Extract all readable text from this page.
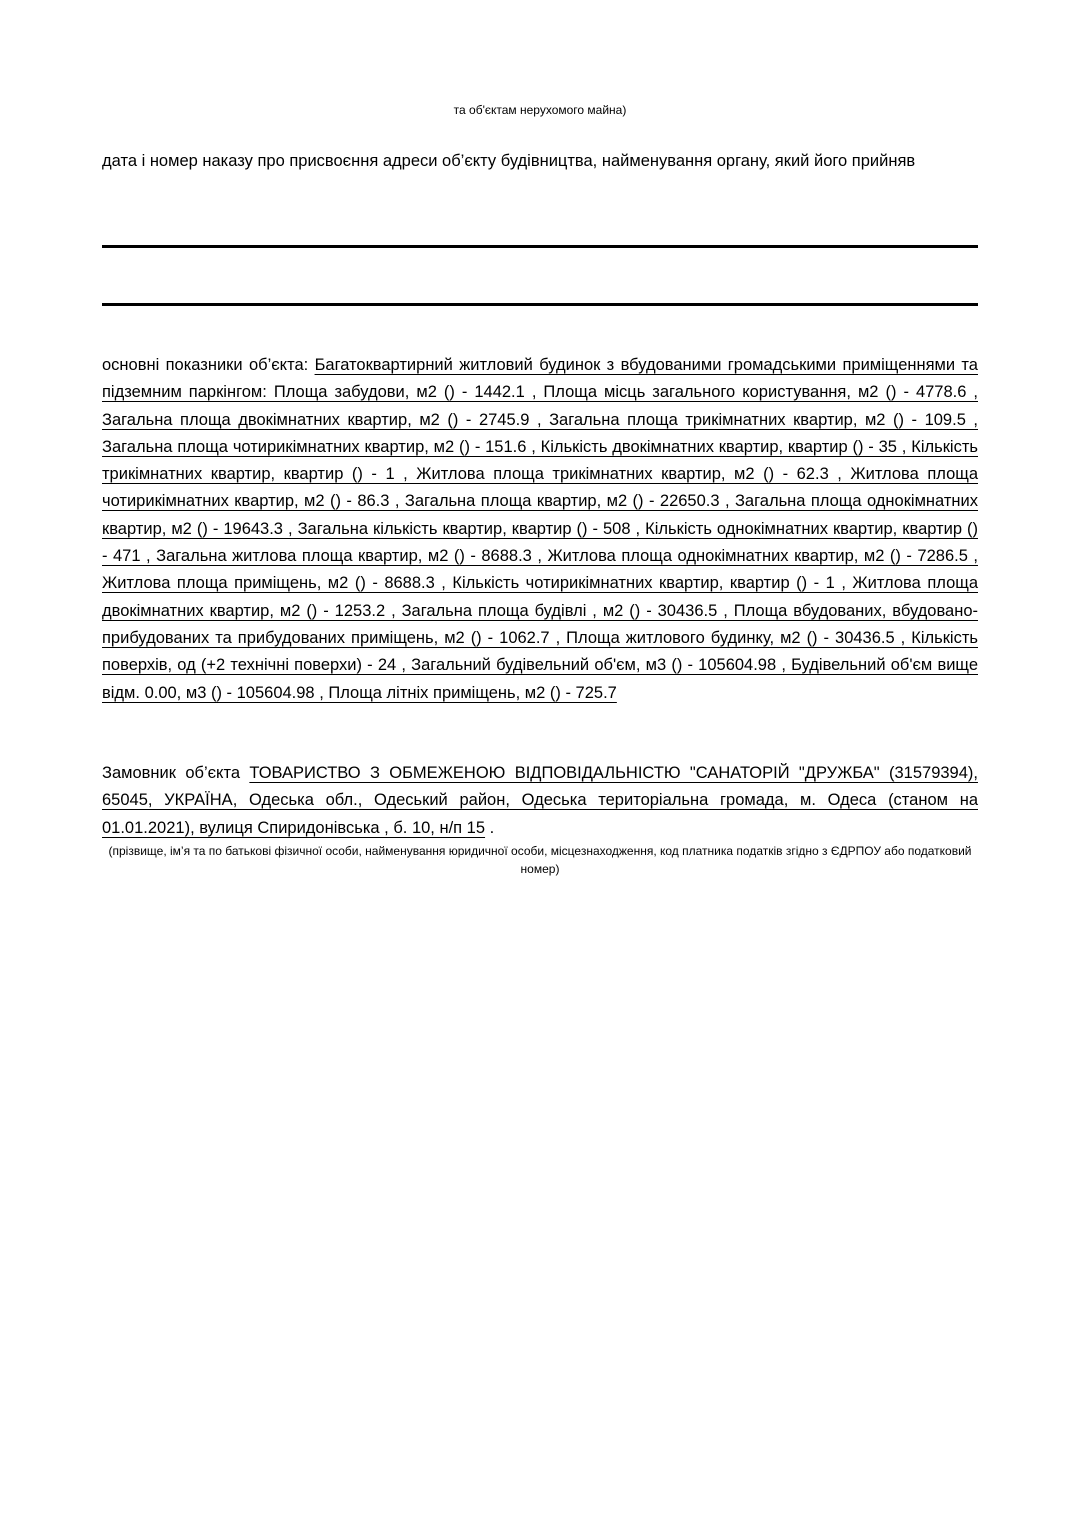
та об'єктам нерухомого майна)
дата і номер наказу про присвоєння адреси об’єкту будівництва, найменування органу, який його прийняв
основні показники об’єкта: Багатоквартирний житловий будинок з вбудованими громадськими приміщеннями та підземним паркінгом: Площа забудови, м2 () - 1442.1 , Площа місць загального користування, м2 () - 4778.6 , Загальна площа двокімнатних квартир, м2 () - 2745.9 , Загальна площа трикімнатних квартир, м2 () - 109.5 , Загальна площа чотирикімнатних квартир, м2 () - 151.6 , Кількість двокімнатних квартир, квартир () - 35 , Кількість трикімнатних квартир, квартир () - 1 , Житлова площа трикімнатних квартир, м2 () - 62.3 , Житлова площа чотирикімнатних квартир, м2 () - 86.3 , Загальна площа квартир, м2 () - 22650.3 , Загальна площа однокімнатних квартир, м2 () - 19643.3 , Загальна кількість квартир, квартир () - 508 , Кількість однокімнатних квартир, квартир () - 471 , Загальна житлова площа квартир, м2 () - 8688.3 , Житлова площа однокімнатних квартир, м2 () - 7286.5 , Житлова площа приміщень, м2 () - 8688.3 , Кількість чотирикімнатних квартир, квартир () - 1 , Житлова площа двокімнатних квартир, м2 () - 1253.2 , Загальна площа будівлі , м2 () - 30436.5 , Площа вбудованих, вбудовано-прибудованих та прибудованих приміщень, м2 () - 1062.7 , Площа житлового будинку, м2 () - 30436.5 , Кількість поверхів, од (+2 технічні поверхи) - 24 , Загальний будівельний об'єм, м3 () - 105604.98 , Будівельний об'єм вище відм. 0.00, м3 () - 105604.98 , Площа літніх приміщень, м2 () - 725.7
Замовник об’єкта ТОВАРИСТВО З ОБМЕЖЕНОЮ ВІДПОВІДАЛЬНІСТЮ "САНАТОРІЙ "ДРУЖБА" (31579394), 65045, УКРАЇНА, Одеська обл., Одеський район, Одеська територіальна громада, м. Одеса (станом на 01.01.2021), вулиця Спиридонівська , б. 10, н/п 15 .
(прізвище, ім’я та по батькові фізичної особи, найменування юридичної особи, місцезнаходження, код платника податків згідно з ЄДРПОУ або податковий номер)
